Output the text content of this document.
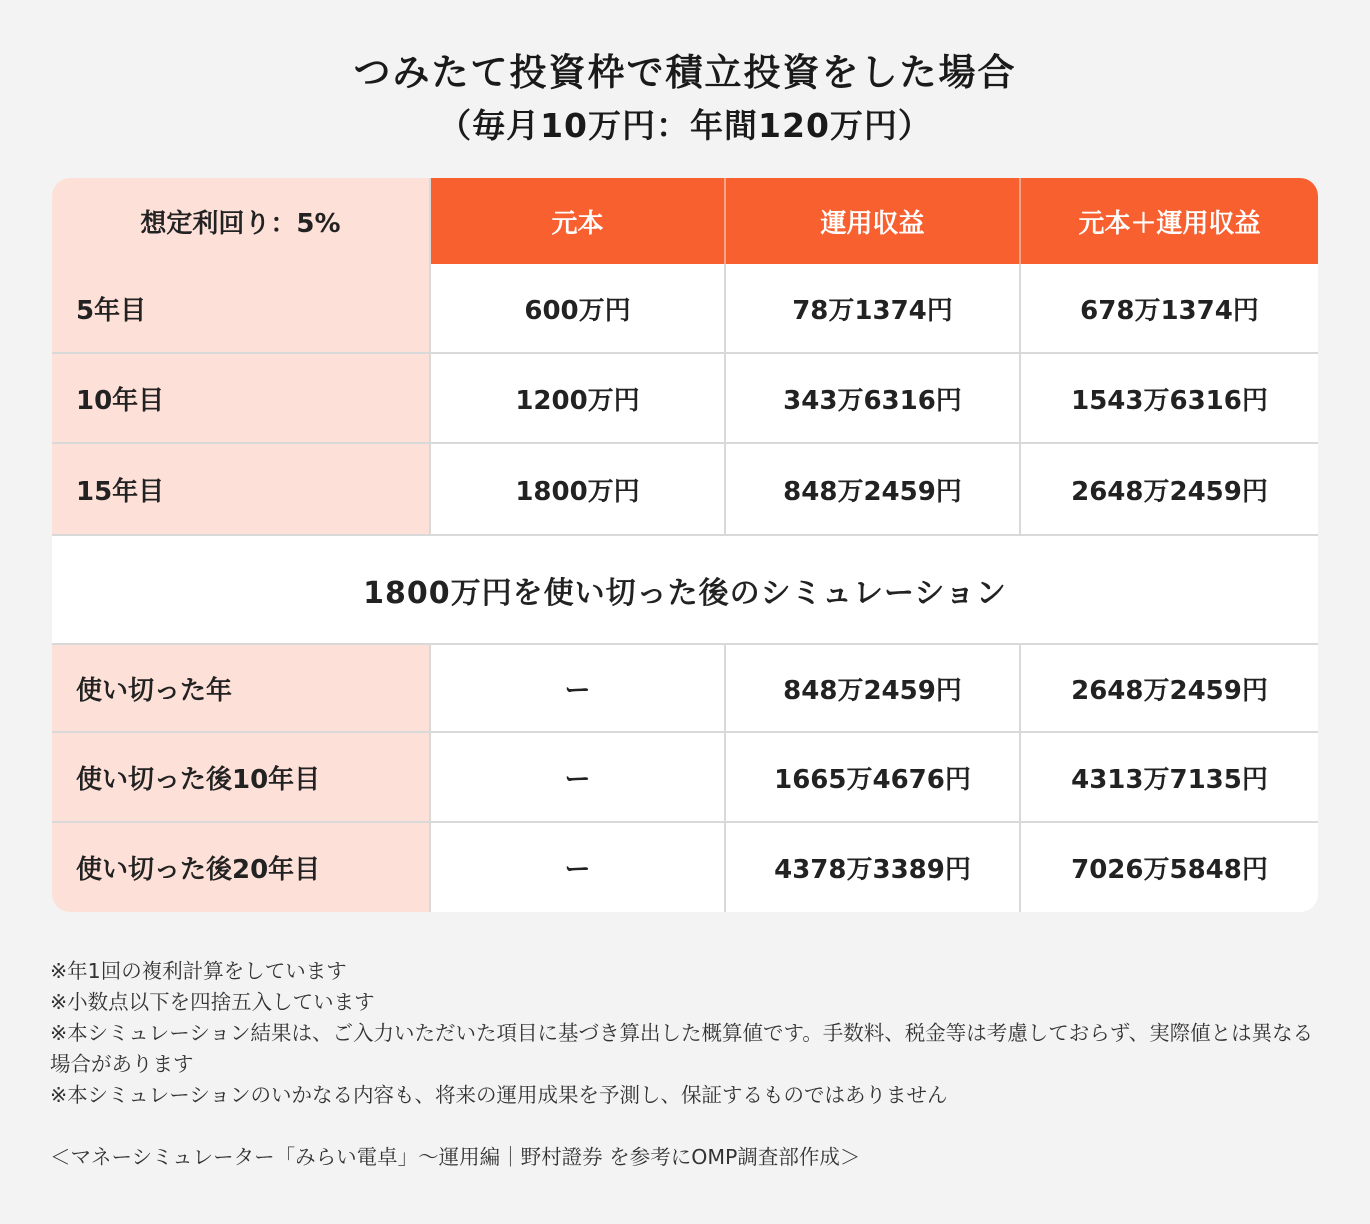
つみたて投資枠で積立投資をした場合
（毎月10万円：年間120万円）
想定利回り：5%	元本	運用収益	元本＋運用収益
5年目	600万円	78万1374円	678万1374円
10年目	1200万円	343万6316円	1543万6316円
15年目	1800万円	848万2459円	2648万2459円
1800万円を使い切った後のシミュレーション
使い切った年	ー	848万2459円	2648万2459円
使い切った後10年目	ー	1665万4676円	4313万7135円
使い切った後20年目	ー	4378万3389円	7026万5848円
※年1回の複利計算をしています
※小数点以下を四捨五入しています
※本シミュレーション結果は、ご入力いただいた項目に基づき算出した概算値です。手数料、税金等は考慮しておらず、実際値とは異なる場合があります
※本シミュレーションのいかなる内容も、将来の運用成果を予測し、保証するものではありません
＜マネーシミュレーター「みらい電卓」〜運用編｜野村證券 を参考にOMP調査部作成＞
